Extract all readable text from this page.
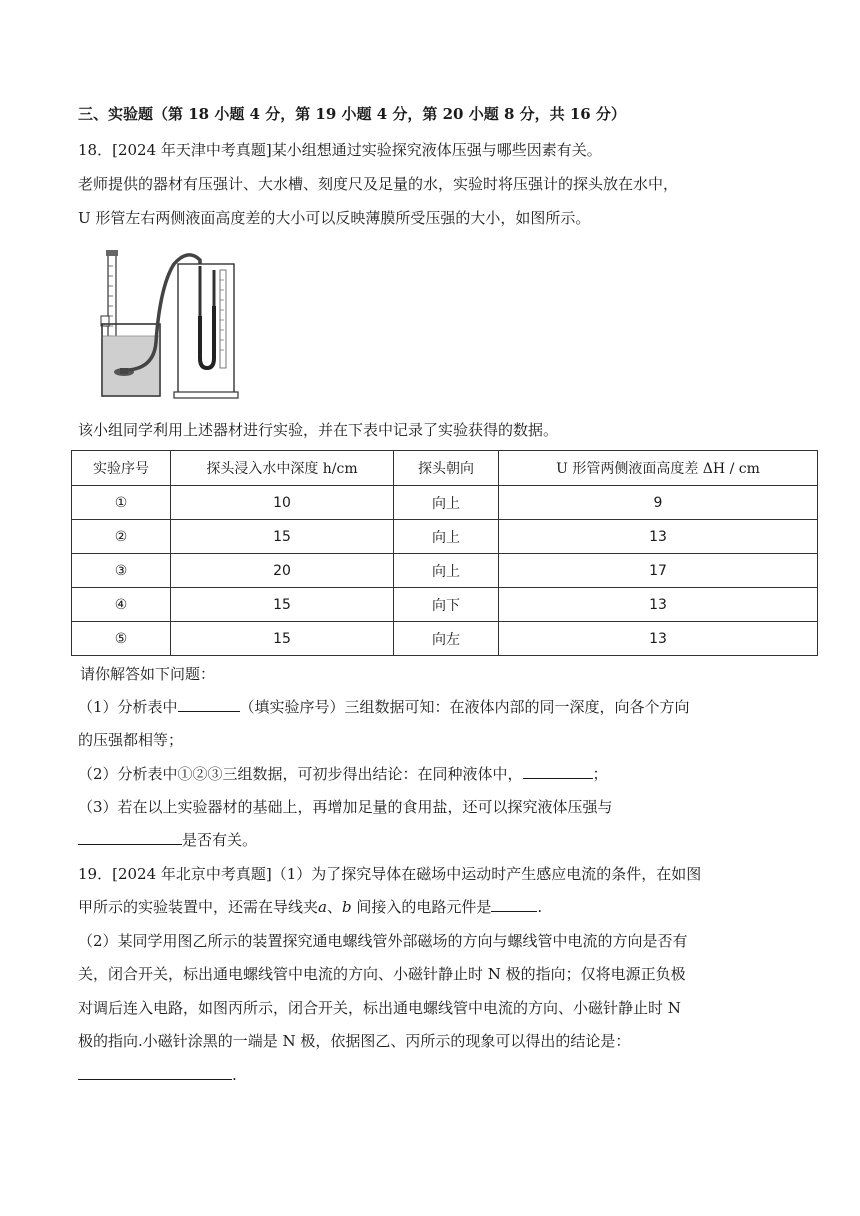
三、实验题（第 18 小题 4 分，第 19 小题 4 分，第 20 小题 8 分，共 16 分）
18．[2024 年天津中考真题]某小组想通过实验探究液体压强与哪些因素有关。
老师提供的器材有压强计、大水槽、刻度尺及足量的水，实验时将压强计的探头放在水中，
U 形管左右两侧液面高度差的大小可以反映薄膜所受压强的大小，如图所示。
该小组同学利用上述器材进行实验，并在下表中记录了实验获得的数据。
实验序号	探头浸入水中深度 h/cm	探头朝向	U 形管两侧液面高度差 ΔH / cm
①	10	向上	9
②	15	向上	13
③	20	向上	17
④	15	向下	13
⑤	15	向左	13
请你解答如下问题：
（1）分析表中	（填实验序号）三组数据可知：在液体内部的同一深度，向各个方向
的压强都相等；
（2）分析表中①②③三组数据，可初步得出结论：在同种液体中，	；
（3）若在以上实验器材的基础上，再增加足量的食用盐，还可以探究液体压强与
是否有关。
19．[2024 年北京中考真题]（1）为了探究导体在磁场中运动时产生感应电流的条件，在如图
甲所示的实验装置中，还需在导线夹a、b 间接入的电路元件是	.
（2）某同学用图乙所示的装置探究通电螺线管外部磁场的方向与螺线管中电流的方向是否有
关，闭合开关，标出通电螺线管中电流的方向、小磁针静止时 N 极的指向；仅将电源正负极
对调后连入电路，如图丙所示，闭合开关，标出通电螺线管中电流的方向、小磁针静止时 N
极的指向.小磁针涂黑的一端是 N 极，依据图乙、丙所示的现象可以得出的结论是：
.
